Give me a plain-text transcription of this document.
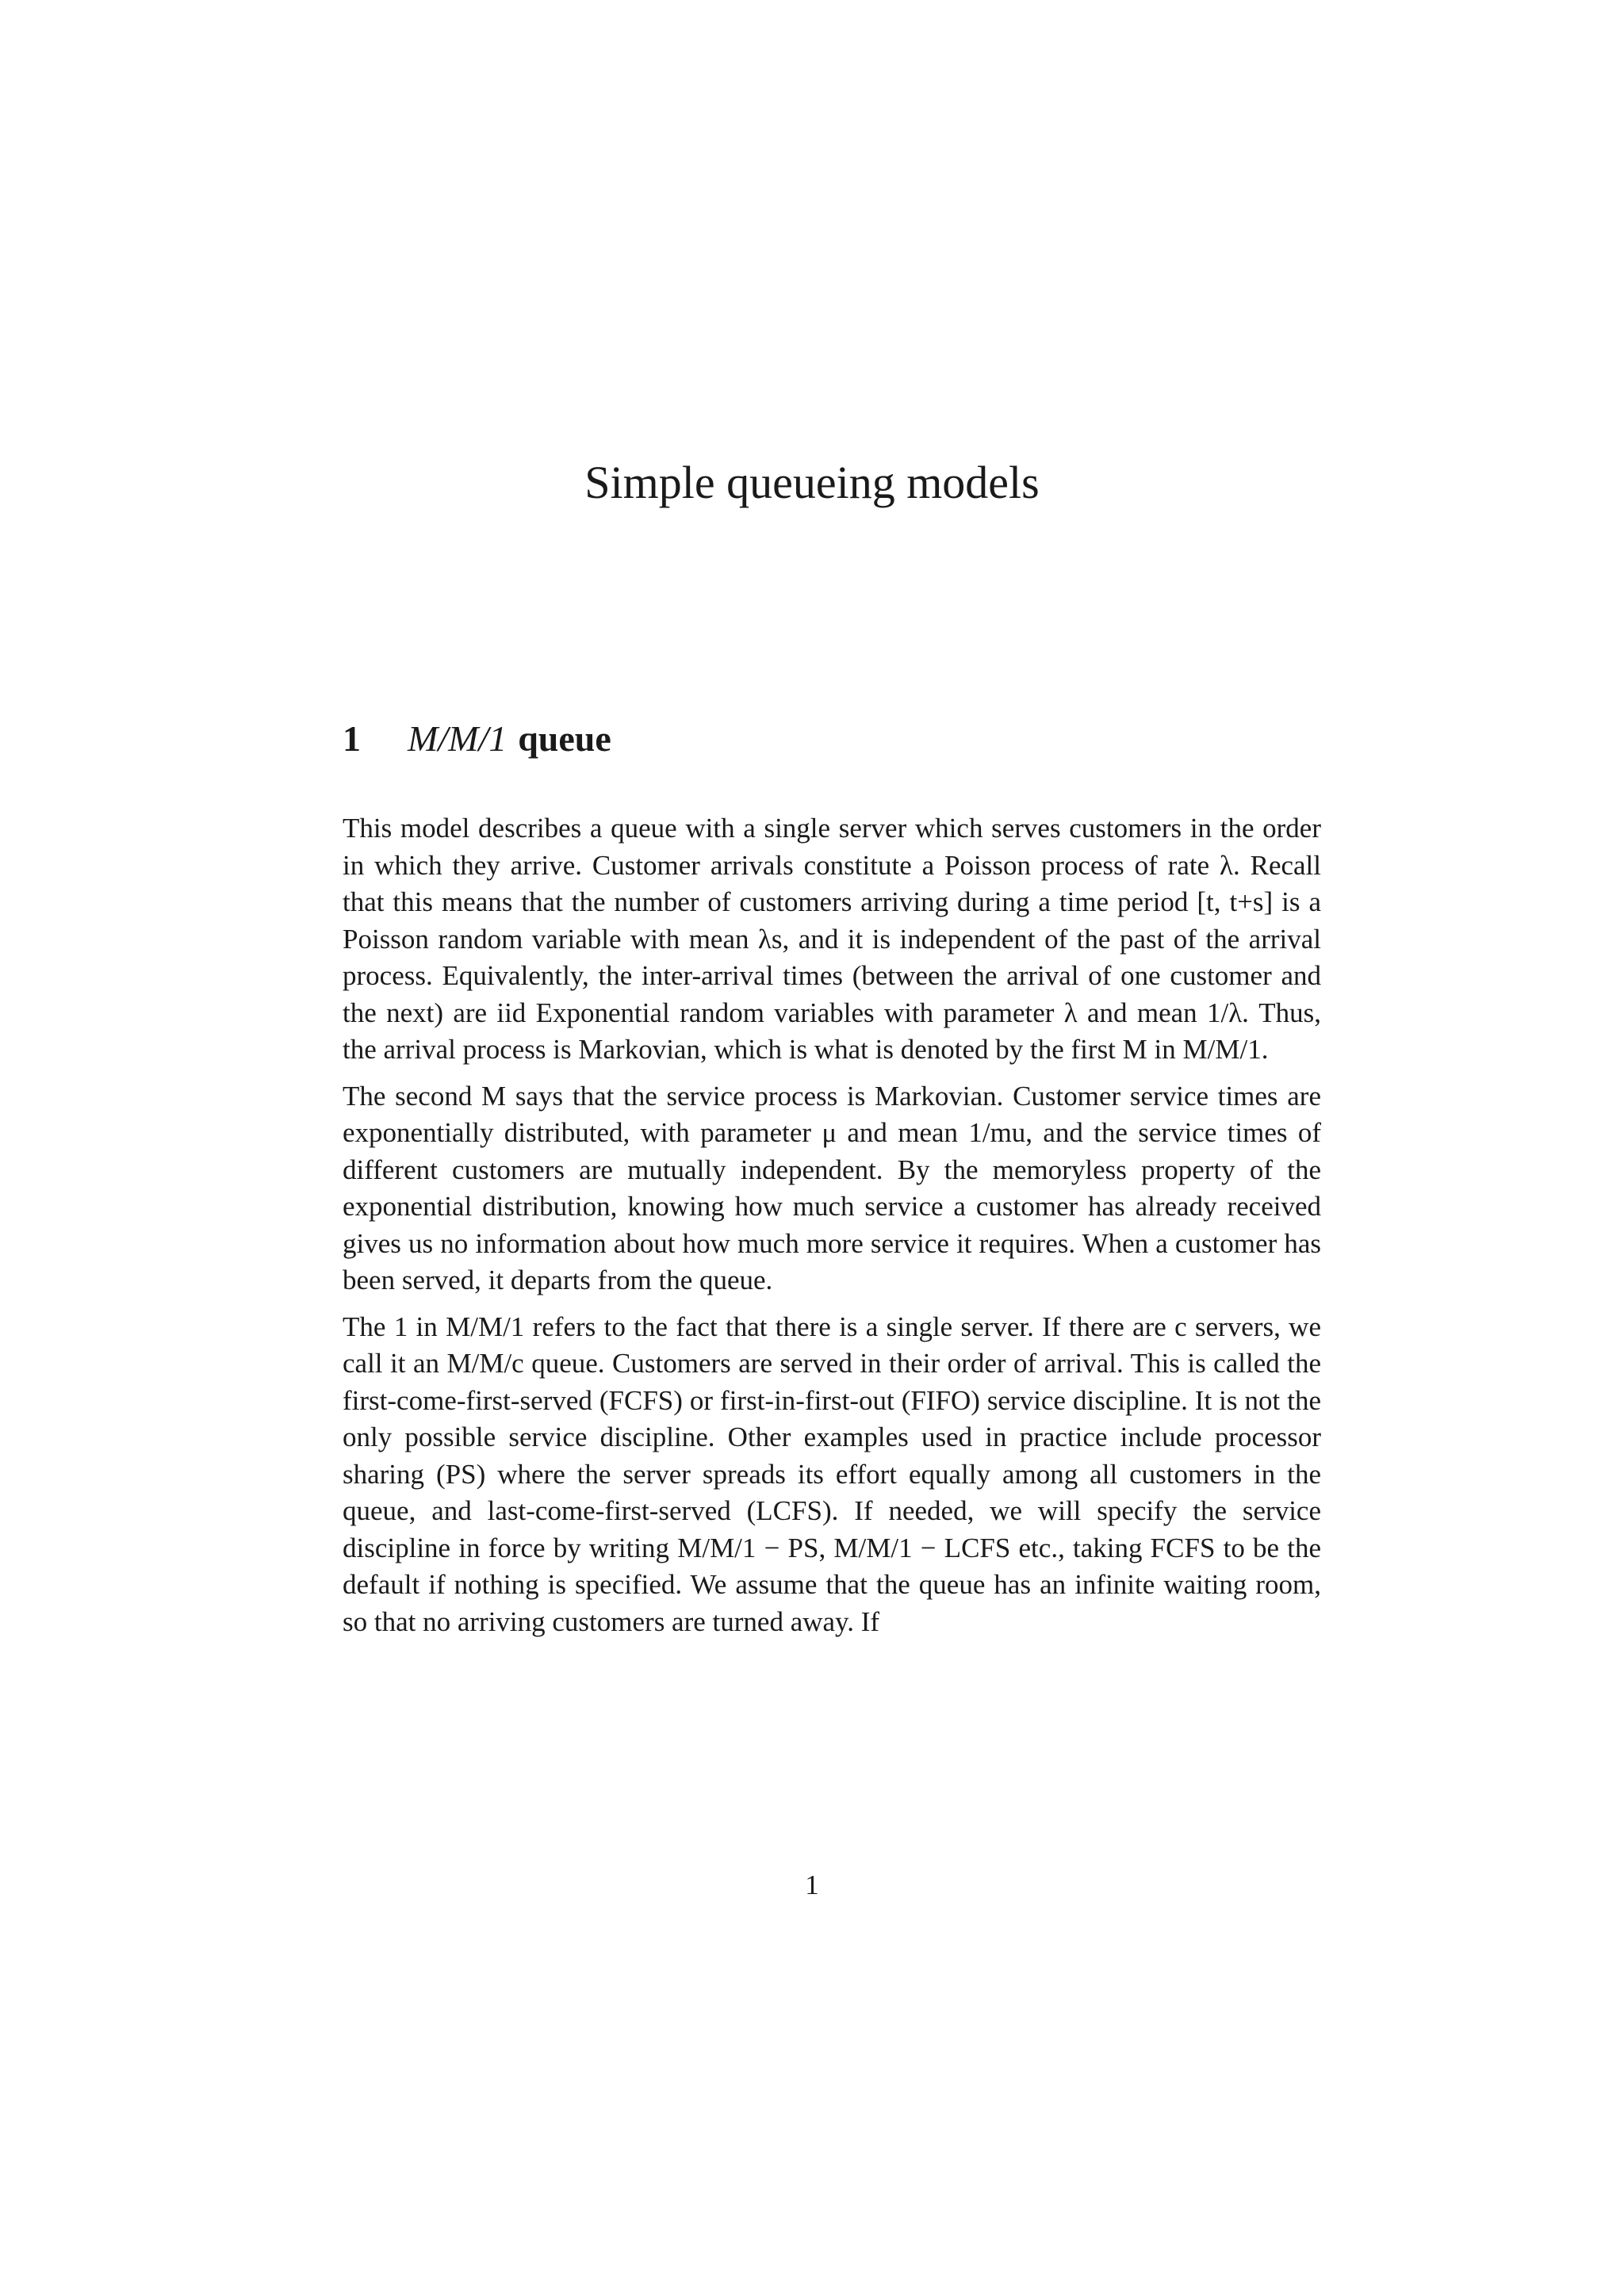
Simple queueing models
1	M/M/1 queue

This model describes a queue with a single server which serves customers in the order in which they arrive. Customer arrivals constitute a Poisson process of rate λ. Recall that this means that the number of customers arriving during a time period [t, t+s] is a Poisson random variable with mean λs, and it is independent of the past of the arrival process. Equivalently, the inter-arrival times (between the arrival of one customer and the next) are iid Exponential random variables with parameter λ and mean 1/λ. Thus, the arrival process is Markovian, which is what is denoted by the first M in M/M/1.

The second M says that the service process is Markovian. Customer service times are exponentially distributed, with parameter μ and mean 1/mu, and the service times of different customers are mutually independent. By the memoryless property of the exponential distribution, knowing how much service a customer has already received gives us no information about how much more service it requires. When a customer has been served, it departs from the queue.

The 1 in M/M/1 refers to the fact that there is a single server. If there are c servers, we call it an M/M/c queue. Customers are served in their order of arrival. This is called the first-come-first-served (FCFS) or first-in-first-out (FIFO) service discipline. It is not the only possible service discipline. Other examples used in practice include processor sharing (PS) where the server spreads its effort equally among all customers in the queue, and last-come-first-served (LCFS). If needed, we will specify the service discipline in force by writing M/M/1 − PS, M/M/1 − LCFS etc., taking FCFS to be the default if nothing is specified. We assume that the queue has an infinite waiting room, so that no arriving customers are turned away. If

1
